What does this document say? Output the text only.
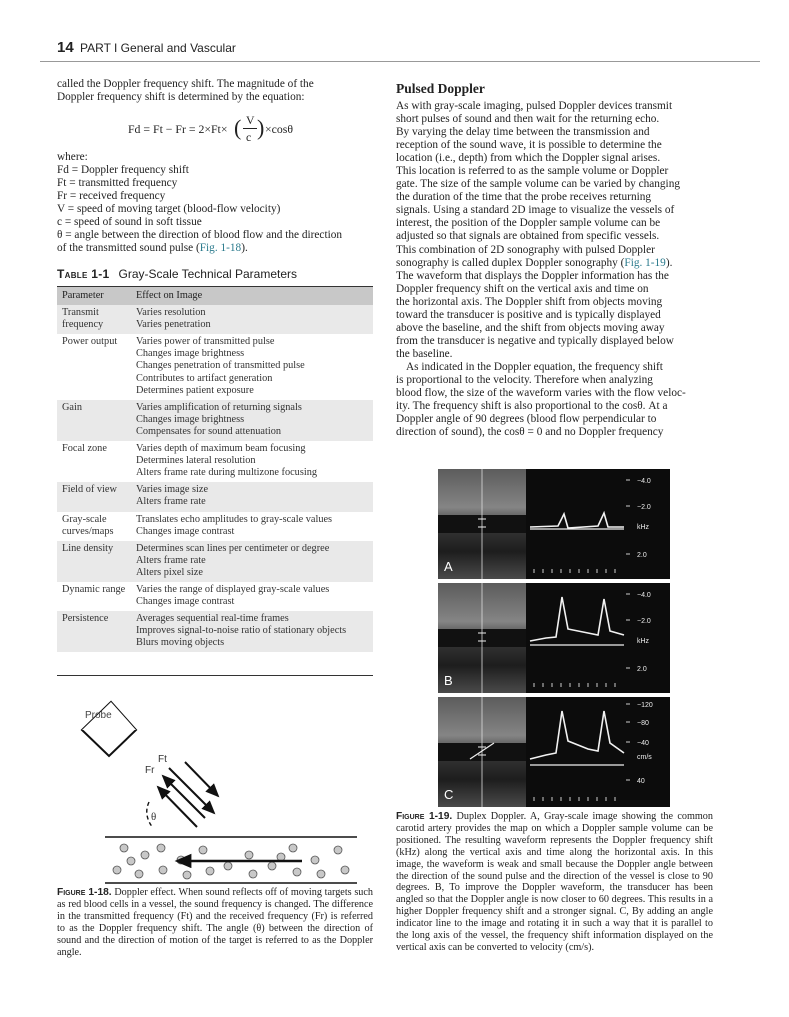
14 PART I General and Vascular
called the Doppler frequency shift. The magnitude of the
Doppler frequency shift is determined by the equation:
Fd = Ft − Fr = 2×Ft× ( V
c ) ×cosθ
where:
Fd = Doppler frequency shift
Ft = transmitted frequency
Fr = received frequency
V = speed of moving target (blood-flow velocity)
c = speed of sound in soft tissue
θ = angle between the direction of blood flow and the direction
of the transmitted sound pulse (Fig. 1-18).
Table 1-1 Gray-Scale Technical Parameters
Parameter	Effect on Image
Transmit frequency	Varies resolution
Varies penetration

Power output	Varies power of transmitted pulse
Changes image brightness
Changes penetration of transmitted pulse
Contributes to artifact generation
Determines patient exposure

Gain	Varies amplification of returning signals
Changes image brightness
Compensates for sound attenuation

Focal zone	Varies depth of maximum beam focusing
Determines lateral resolution
Alters frame rate during multizone focusing

Field of view	Varies image size
Alters frame rate

Gray-scale curves/maps	Translates echo amplitudes to gray-scale values
Changes image contrast

Line density	Determines scan lines per centimeter or degree
Alters frame rate
Alters pixel size

Dynamic range	Varies the range of displayed gray-scale values
Changes image contrast

Persistence	Averages sequential real-time frames
Improves signal-to-noise ratio of stationary objects
Blurs moving objects
Probe
Ft
Fr
θ
Figure 1-18. Doppler effect. When sound reflects off of moving targets such as red blood cells in a vessel, the sound frequency is changed. The difference in the transmitted frequency (Ft) and the received frequency (Fr) is referred to as the Doppler frequency shift. The angle (θ) between the direction of sound and the direction of motion of the target is referred to as the Doppler angle.
Pulsed Doppler
As with gray-scale imaging, pulsed Doppler devices transmit
short pulses of sound and then wait for the returning echo.
By varying the delay time between the transmission and
reception of the sound wave, it is possible to determine the
location (i.e., depth) from which the Doppler signal arises.
This location is referred to as the sample volume or Doppler
gate. The size of the sample volume can be varied by changing
the duration of the time that the probe receives returning
signals. Using a standard 2D image to visualize the vessels of
interest, the position of the Doppler sample volume can be
adjusted so that signals are obtained from specific vessels.
This combination of 2D sonography with pulsed Doppler
sonography is called duplex Doppler sonography (Fig. 1-19).
The waveform that displays the Doppler information has the
Doppler frequency shift on the vertical axis and time on
the horizontal axis. The Doppler shift from objects moving
toward the transducer is positive and is typically displayed
above the baseline, and the shift from objects moving away
from the transducer is negative and typically displayed below
the baseline.
As indicated in the Doppler equation, the frequency shift
is proportional to the velocity. Therefore when analyzing
blood flow, the size of the waveform varies with the flow veloc-
ity. The frequency shift is also proportional to the cosθ. At a
Doppler angle of 90 degrees (blood flow perpendicular to
direction of sound), the cosθ = 0 and no Doppler frequency
−4.0
−2.0
2.0
kHz
A
−4.0
−2.0
2.0
kHz
B
−120
−80
−40
40
cm/s
C
Figure 1-19. Duplex Doppler. A, Gray-scale image showing the common carotid artery provides the map on which a Doppler sample volume can be positioned. The resulting waveform represents the Doppler frequency shift (kHz) along the vertical axis and time along the horizontal axis. In this image, the waveform is weak and small because the Doppler angle between the direction of the sound pulse and the direction of the vessel is close to 90 degrees. B, To improve the Doppler waveform, the transducer has been angled so that the Doppler angle is now closer to 60 degrees. This results in a higher Doppler frequency shift and a stronger signal. C, By adding an angle indicator line to the image and rotating it in such a way that it is parallel to the long axis of the vessel, the frequency shift information displayed on the vertical axis can be converted to velocity (cm/s).
